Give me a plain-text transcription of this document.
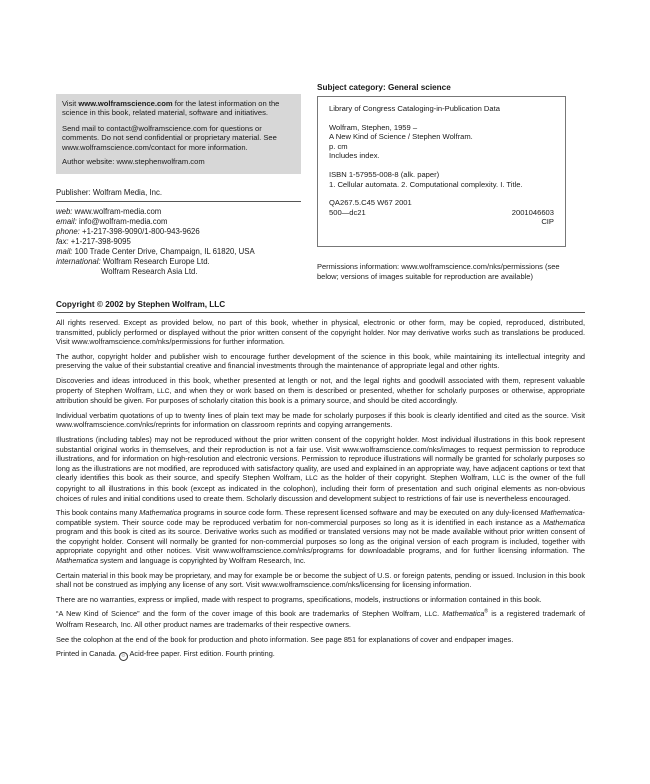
Visit www.wolframscience.com for the latest information on the science in this book, related material, software and initiatives.

Send mail to contact@wolframscience.com for questions or comments. Do not send confidential or proprietary material. See www.wolframscience.com/contact for more information.

Author website: www.stephenwolfram.com

Publisher: Wolfram Media, Inc.
web: www.wolfram-media.com
email: info@wolfram-media.com
phone: +1-217-398-9090/1-800-943-9626
fax: +1-217-398-9095
mail: 100 Trade Center Drive, Champaign, IL 61820, USA
international: Wolfram Research Europe Ltd.
Wolfram Research Asia Ltd.
Subject category: General science
Library of Congress Cataloging-in-Publication Data
Wolfram, Stephen, 1959 –
A New Kind of Science / Stephen Wolfram.
p. cm
Includes index.
ISBN 1-57955-008-8 (alk. paper)
1. Cellular automata. 2. Computational complexity. I. Title.
QA267.5.C45 W67 2001
500—dc21	2001046603
CIP
Permissions information: www.wolframscience.com/nks/permissions (see below; versions of images suitable for reproduction are available)
Copyright © 2002 by Stephen Wolfram, LLC

All rights reserved. Except as provided below, no part of this book, whether in physical, electronic or other form, may be copied, reproduced, distributed, transmitted, publicly performed or displayed without the prior written consent of the copyright holder. Nor may derivative works such as translations be produced. Visit www.wolframscience.com/nks/permissions for further information.

The author, copyright holder and publisher wish to encourage further development of the science in this book, while maintaining its intellectual integrity and preserving the value of their substantial creative and financial investments through the maintenance of appropriate legal and other rights.

Discoveries and ideas introduced in this book, whether presented at length or not, and the legal rights and goodwill associated with them, represent valuable property of Stephen Wolfram, LLC, and when they or work based on them is described or presented, whether for scholarly purposes or otherwise, appropriate attribution should be given. For purposes of scholarly citation this book is a primary source, and should be cited accordingly.

Individual verbatim quotations of up to twenty lines of plain text may be made for scholarly purposes if this book is clearly identified and cited as the source. Visit www.wolframscience.com/nks/reprints for information on classroom reprints and copying arrangements.

Illustrations (including tables) may not be reproduced without the prior written consent of the copyright holder. Most individual illustrations in this book represent substantial original works in themselves, and their reproduction is not a fair use. Visit www.wolframscience.com/nks/images to request permission to reproduce illustrations, and for information on high-resolution and electronic versions. Permission to reproduce illustrations will normally be granted for scholarly purposes so long as the illustrations are not modified, are reproduced with satisfactory quality, are used and explained in an appropriate way, have adjacent captions or text that clearly identifies this book as their source, and specify Stephen Wolfram, LLC as the holder of their copyright. Stephen Wolfram, LLC is the owner of the full copyright to all illustrations in this book (except as indicated in the colophon), including their form of presentation and such original elements as non-obvious choices of rules and initial conditions used to create them. Scholarly discussion and development subject to restrictions of fair use is nevertheless encouraged.

This book contains many Mathematica programs in source code form. These represent licensed software and may be executed on any duly-licensed Mathematica-compatible system. Their source code may be reproduced verbatim for non-commercial purposes so long as it is identified in each instance as a Mathematica program and this book is cited as its source. Derivative works such as modified or translated versions may not be made available without prior written consent of the copyright holder. Consent will normally be granted for non-commercial purposes so long as the original version of each program is included, together with appropriate copyright and other notices. Visit www.wolframscience.com/nks/programs for downloadable programs, and for further licensing information. The Mathematica system and language is copyrighted by Wolfram Research, Inc.

Certain material in this book may be proprietary, and may for example be or become the subject of U.S. or foreign patents, pending or issued. Inclusion in this book shall not be construed as implying any license of any sort. Visit www.wolframscience.com/nks/licensing for licensing information.

There are no warranties, express or implied, made with respect to programs, specifications, models, instructions or information contained in this book.

“A New Kind of Science” and the form of the cover image of this book are trademarks of Stephen Wolfram, LLC. Mathematica® is a registered trademark of Wolfram Research, Inc. All other product names are trademarks of their respective owners.

See the colophon at the end of the book for production and photo information. See page 851 for explanations of cover and endpaper images.

Printed in Canada. ♲ Acid-free paper. First edition. Fourth printing.
